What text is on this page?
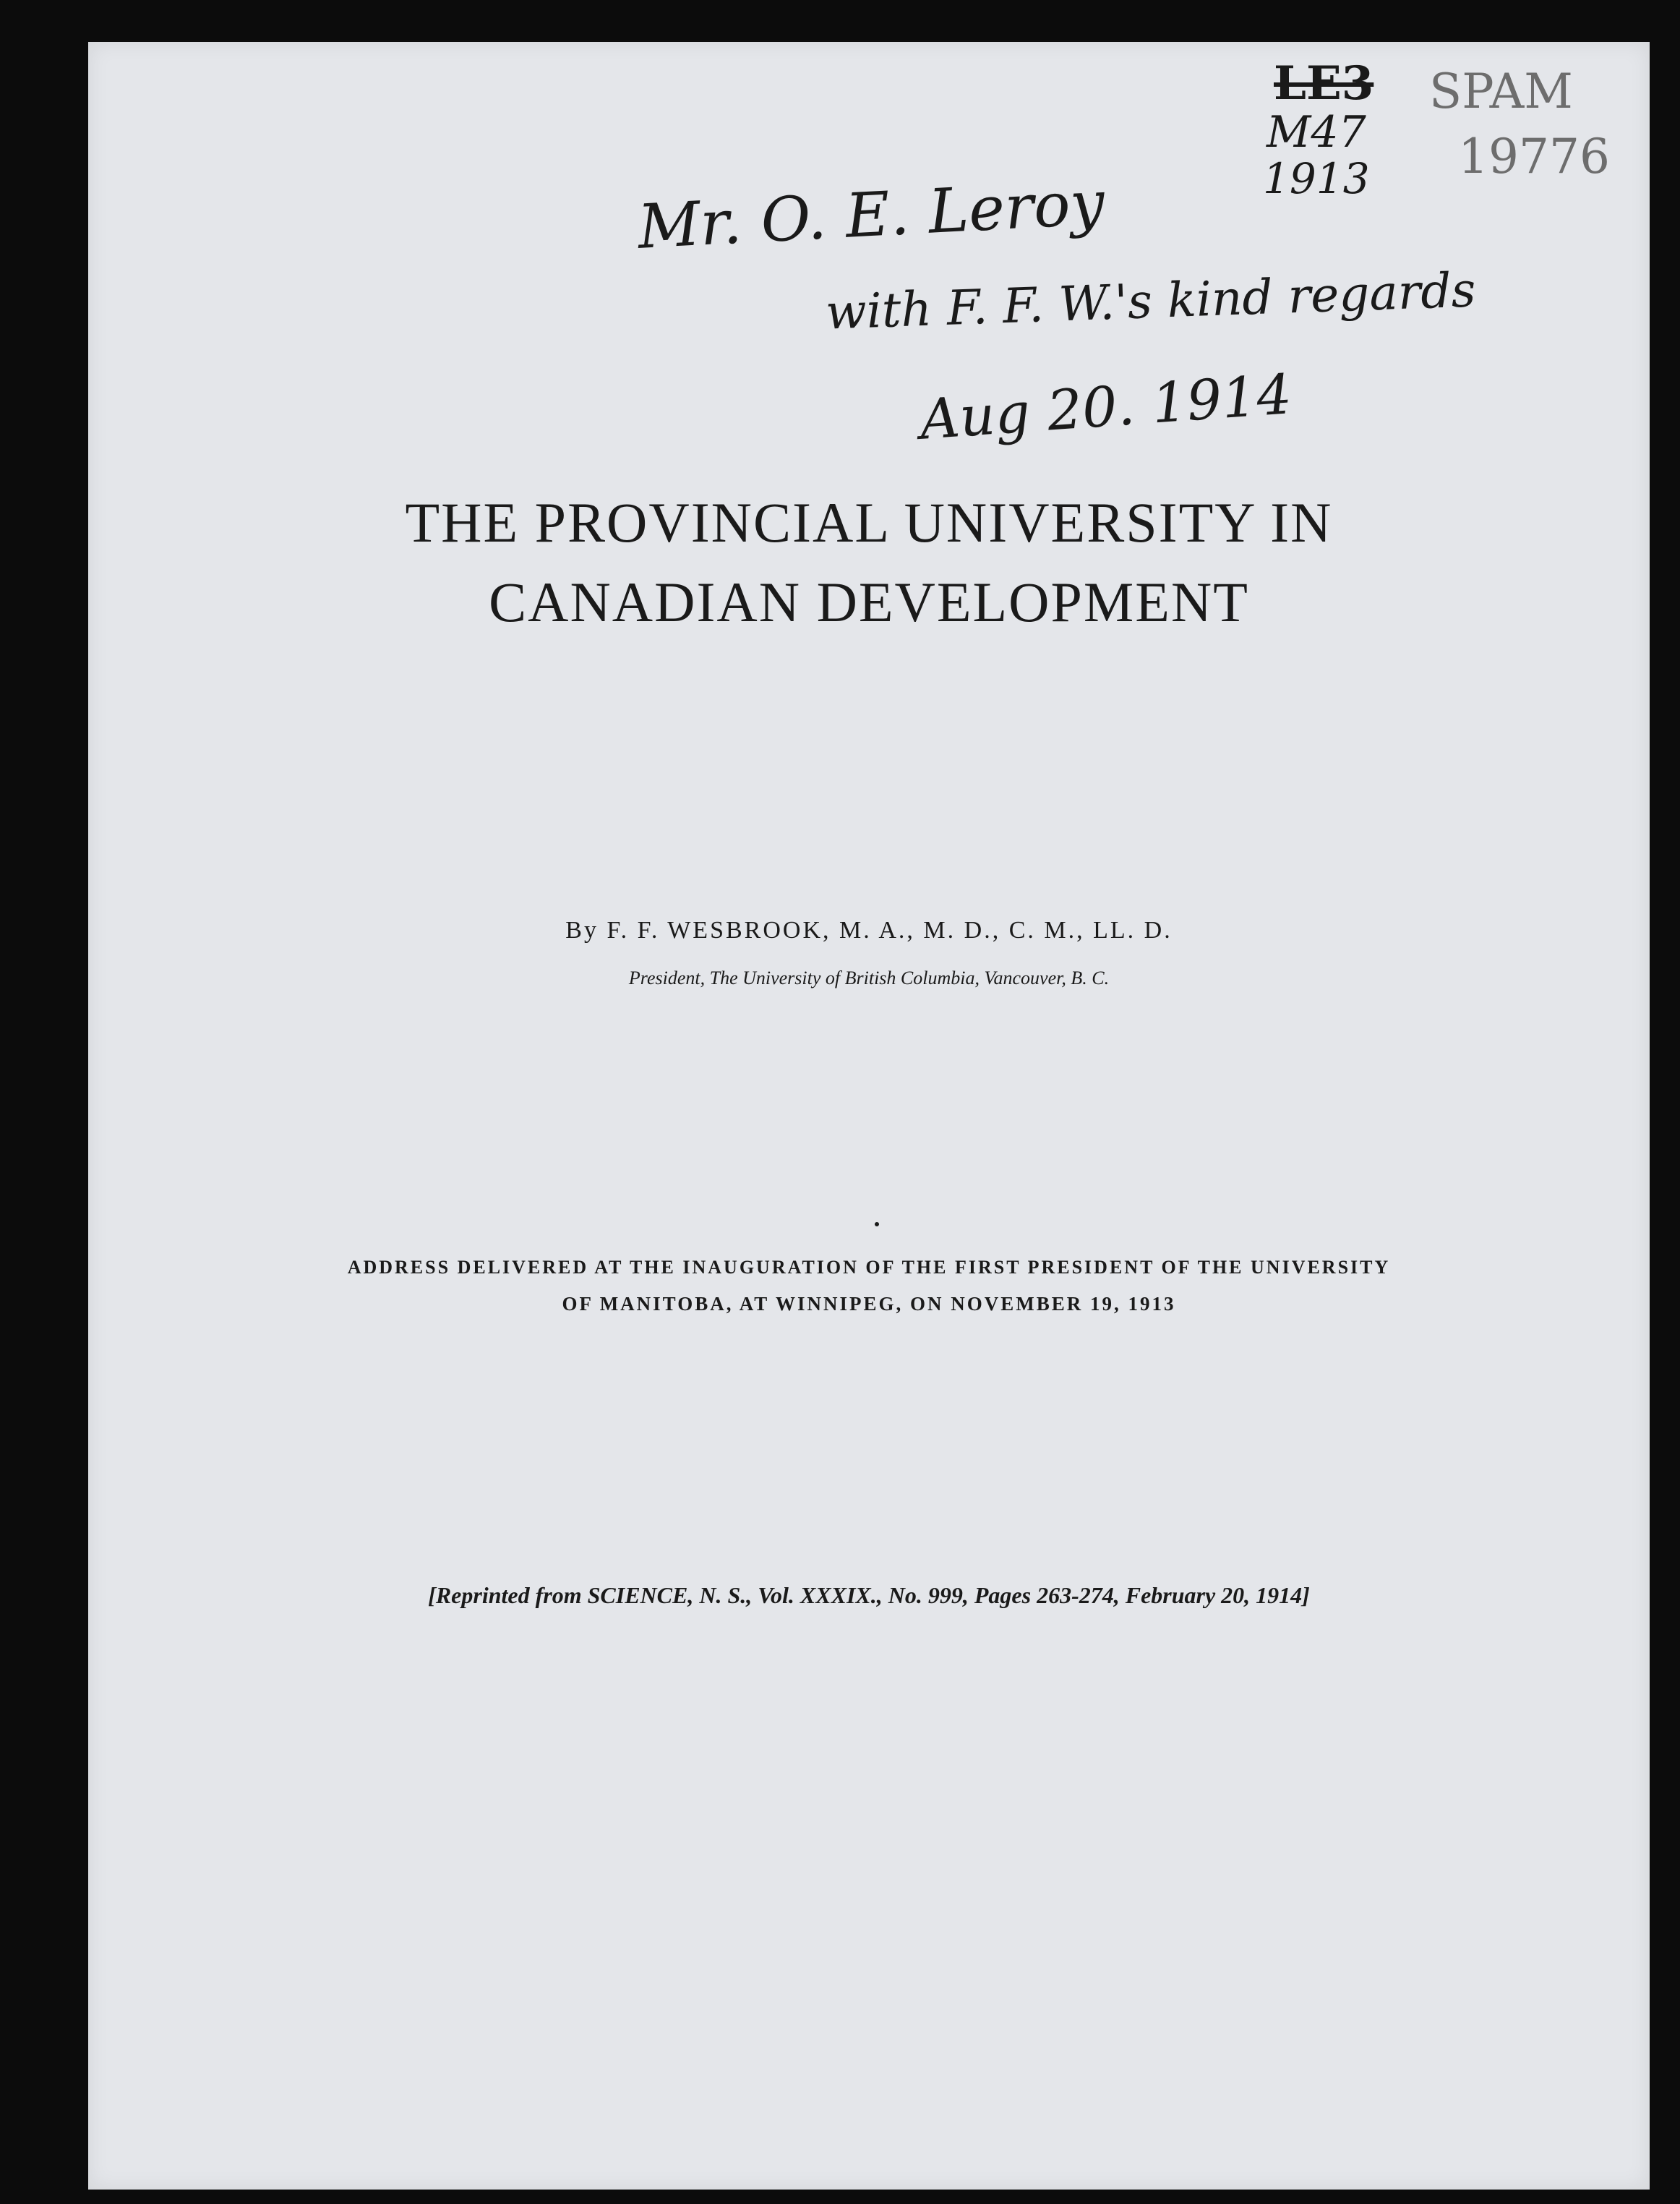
LE3
M47
1913
SPAM
19776
Mr. O. E. Leroy
with F. F. W.'s kind regards
Aug 20. 1914
THE PROVINCIAL UNIVERSITY IN
CANADIAN DEVELOPMENT
By F. F. WESBROOK, M. A., M. D., C. M., LL. D.
President, The University of British Columbia, Vancouver, B. C.
ADDRESS DELIVERED AT THE INAUGURATION OF THE FIRST PRESIDENT OF THE UNIVERSITY
OF MANITOBA, AT WINNIPEG, ON NOVEMBER 19, 1913
[Reprinted from SCIENCE, N. S., Vol. XXXIX., No. 999, Pages 263-274, February 20, 1914]
